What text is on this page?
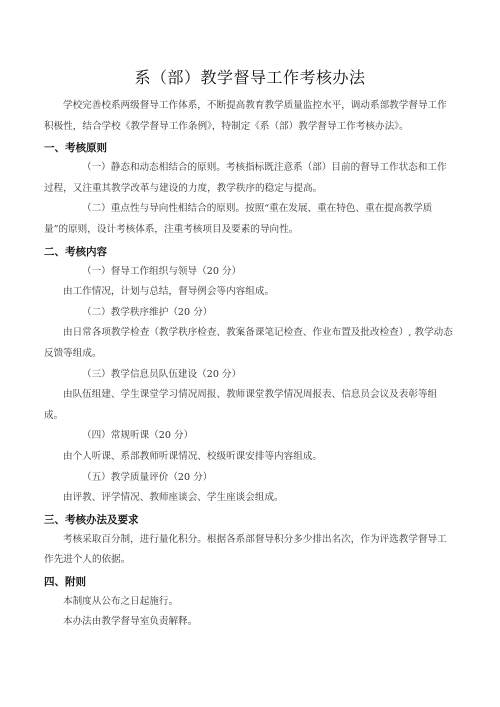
系（部）教学督导工作考核办法

学校完善校系两级督导工作体系，不断提高教育教学质量监控水平，调动系部教学督导工作积极性，结合学校《教学督导工作条例》，特制定《系（部）教学督导工作考核办法》。

一、考核原则

（一）静态和动态相结合的原则。考核指标既注意系（部）目前的督导工作状态和工作过程，又注重其教学改革与建设的力度，教学秩序的稳定与提高。

（二）重点性与导向性相结合的原则。按照“重在发展、重在特色、重在提高教学质量”的原则，设计考核体系，注重考核项目及要素的导向性。

二、考核内容

（一）督导工作组织与领导（20 分）

由工作情况，计划与总结，督导例会等内容组成。

（二）教学秩序维护（20 分）

由日常各项教学检查（教学秩序检查、教案备课笔记检查、作业布置及批改检查）, 教学动态反馈等组成。

（三）教学信息员队伍建设（20 分）

由队伍组建、学生课堂学习情况周报、教师课堂教学情况周报表、信息员会议及表彰等组成。

（四）常规听课（20 分）

由个人听课、系部教师听课情况、校级听课安排等内容组成。

（五）教学质量评价（20 分）

由评教、评学情况、教师座谈会、学生座谈会组成。

三、考核办法及要求

考核采取百分制，进行量化积分。根据各系部督导积分多少排出名次，作为评选教学督导工作先进个人的依据。

四、附则

本制度从公布之日起施行。

本办法由教学督导室负责解释。
